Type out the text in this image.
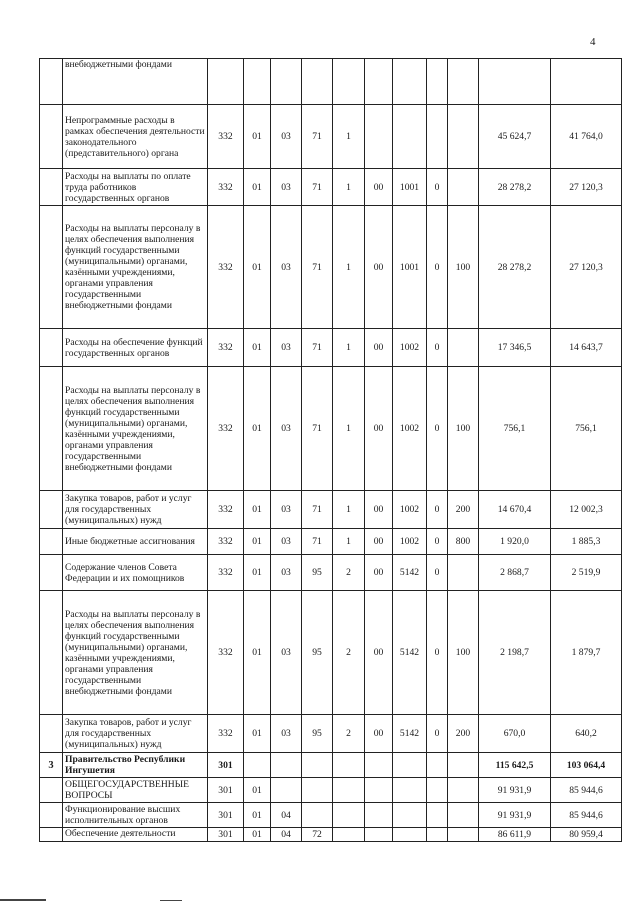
4
	внебюджетными фондами											
	Непрограммные расходы в рамках обеспечения деятельности законодательного (представительного) органа	332	01	03	71	1					45 624,7	41 764,0
	Расходы на выплаты по оплате труда работников государственных органов	332	01	03	71	1	00	1001	0		28 278,2	27 120,3
	Расходы на выплаты персоналу в целях обеспечения выполнения функций государственными (муниципальными) органами, казёнными учреждениями, органами управления государственными внебюджетными фондами	332	01	03	71	1	00	1001	0	100	28 278,2	27 120,3
	Расходы на обеспечение функций государственных органов	332	01	03	71	1	00	1002	0		17 346,5	14 643,7
	Расходы на выплаты персоналу в целях обеспечения выполнения функций государственными (муниципальными) органами, казёнными учреждениями, органами управления государственными внебюджетными фондами	332	01	03	71	1	00	1002	0	100	756,1	756,1
	Закупка товаров, работ и услуг для государственных (муниципальных) нужд	332	01	03	71	1	00	1002	0	200	14 670,4	12 002,3
	Иные бюджетные ассигнования	332	01	03	71	1	00	1002	0	800	1 920,0	1 885,3
	Содержание членов Совета Федерации и их помощников	332	01	03	95	2	00	5142	0		2 868,7	2 519,9
	Расходы на выплаты персоналу в целях обеспечения выполнения функций государственными (муниципальными) органами, казёнными учреждениями, органами управления государственными внебюджетными фондами	332	01	03	95	2	00	5142	0	100	2 198,7	1 879,7
	Закупка товаров, работ и услуг для государственных (муниципальных) нужд	332	01	03	95	2	00	5142	0	200	670,0	640,2
3	Правительство Республики Ингушетия	301									115 642,5	103 064,4
	ОБЩЕГОСУДАРСТВЕННЫЕ ВОПРОСЫ	301	01								91 931,9	85 944,6
	Функционирование высших исполнительных органов	301	01	04							91 931,9	85 944,6
	Обеспечение деятельности	301	01	04	72						86 611,9	80 959,4
